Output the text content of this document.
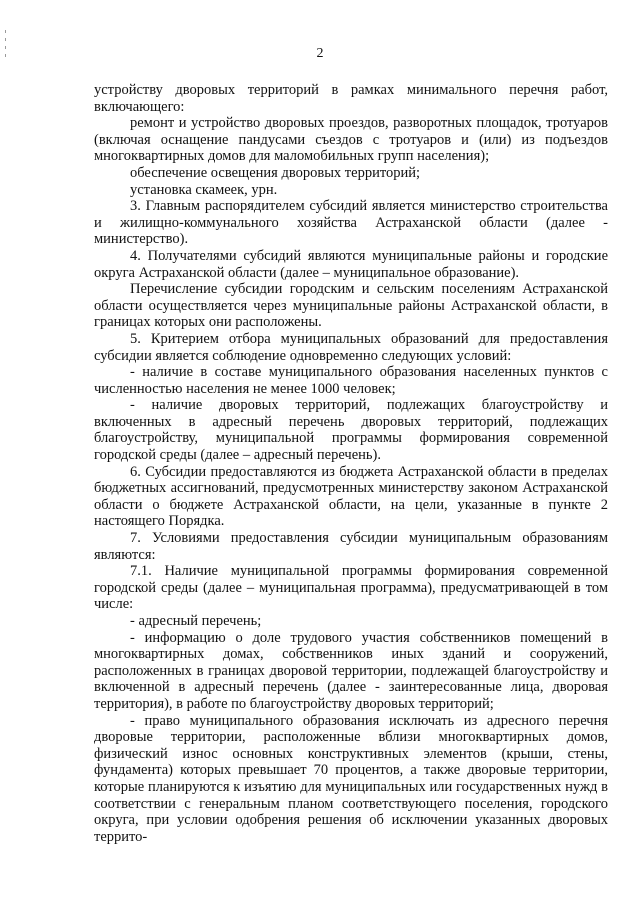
2

устройству дворовых территорий в рамках минимального перечня работ, включающего:

ремонт и устройство дворовых проездов, разворотных площадок, тротуаров (включая оснащение пандусами съездов с тротуаров и (или) из подъездов многоквартирных домов для маломобильных групп населения);

обеспечение освещения дворовых территорий;

установка скамеек, урн.

3. Главным распорядителем субсидий является министерство строительства и жилищно-коммунального хозяйства Астраханской области (далее - министерство).

4. Получателями субсидий являются муниципальные районы и городские округа Астраханской области (далее – муниципальное образование).

Перечисление субсидии городским и сельским поселениям Астраханской области осуществляется через муниципальные районы Астраханской области, в границах которых они расположены.

5. Критерием отбора муниципальных образований для предоставления субсидии является соблюдение одновременно следующих условий:

- наличие в составе муниципального образования населенных пунктов с численностью населения не менее 1000 человек;

- наличие дворовых территорий, подлежащих благоустройству и включенных в адресный перечень дворовых территорий, подлежащих благоустройству, муниципальной программы формирования современной городской среды (далее – адресный перечень).

6. Субсидии предоставляются из бюджета Астраханской области в пределах бюджетных ассигнований, предусмотренных министерству законом Астраханской области о бюджете Астраханской области, на цели, указанные в пункте 2 настоящего Порядка.

7. Условиями предоставления субсидии муниципальным образованиям являются:

7.1. Наличие муниципальной программы формирования современной городской среды (далее – муниципальная программа), предусматривающей в том числе:

- адресный перечень;

- информацию о доле трудового участия собственников помещений в многоквартирных домах, собственников иных зданий и сооружений, расположенных в границах дворовой территории, подлежащей благоустройству и включенной в адресный перечень (далее - заинтересованные лица, дворовая территория), в работе по благоустройству дворовых территорий;

- право муниципального образования исключать из адресного перечня дворовые территории, расположенные вблизи многоквартирных домов, физический износ основных конструктивных элементов (крыши, стены, фундамента) которых превышает 70 процентов, а также дворовые территории, которые планируются к изъятию для муниципальных или государственных нужд в соответствии с генеральным планом соответствующего поселения, городского округа, при условии одобрения решения об исключении указанных дворовых террито-
